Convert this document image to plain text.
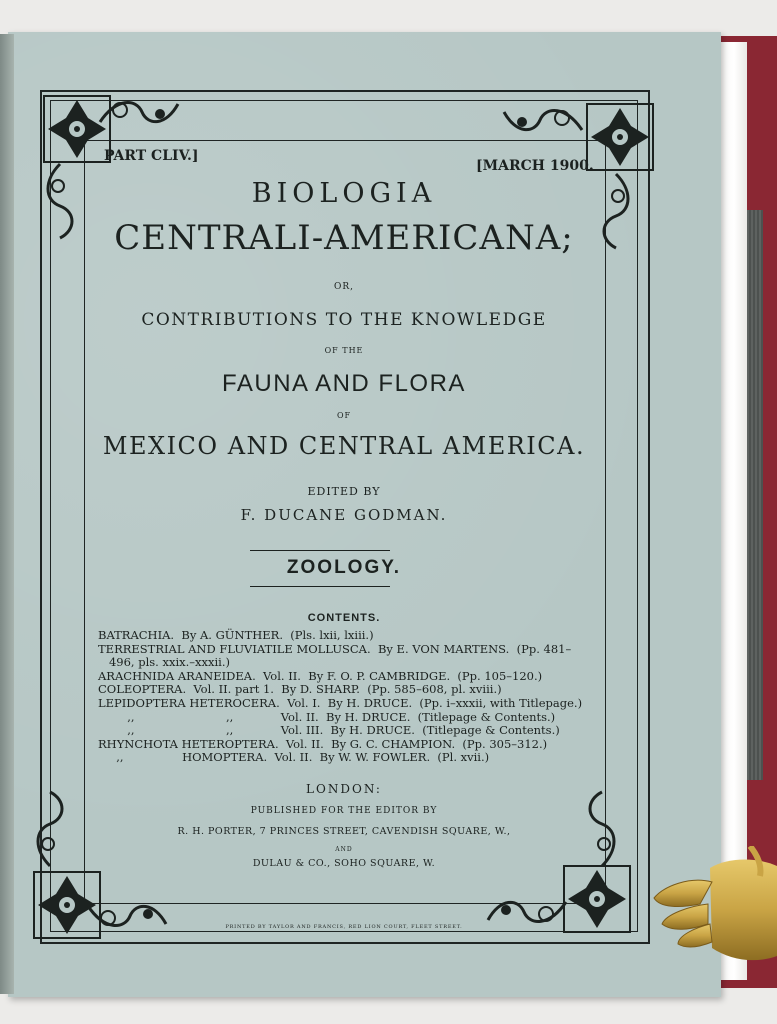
PART CLIV.]
[MARCH 1900.
BIOLOGIA
CENTRALI-AMERICANA;
OR,
CONTRIBUTIONS TO THE KNOWLEDGE
OF THE
FAUNA AND FLORA
OF
MEXICO AND CENTRAL AMERICA.
EDITED BY
F. DUCANE GODMAN.
ZOOLOGY.
CONTENTS.
BATRACHIA.  By A. GÜNTHER.  (Pls. lxii, lxiii.)
TERRESTRIAL AND FLUVIATILE MOLLUSCA.  By E. VON MARTENS.  (Pp. 481–
496, pls. xxix.–xxxii.)
ARACHNIDA ARANEIDEA.  Vol. II.  By F. O. P. CAMBRIDGE.  (Pp. 105–120.)
COLEOPTERA.  Vol. II. part 1.  By D. SHARP.  (Pp. 585–608, pl. xviii.)
LEPIDOPTERA HETEROCERA.  Vol. I.  By H. DRUCE.  (Pp. i–xxxii, with Titlepage.)
,,                         ,,             Vol. II.  By H. DRUCE.  (Titlepage & Contents.)
,,                         ,,             Vol. III.  By H. DRUCE.  (Titlepage & Contents.)
RHYNCHOTA HETEROPTERA.  Vol. II.  By G. C. CHAMPION.  (Pp. 305–312.)
,,                HOMOPTERA.  Vol. II.  By W. W. FOWLER.  (Pl. xvii.)
LONDON:
PUBLISHED FOR THE EDITOR BY
R. H. PORTER, 7 PRINCES STREET, CAVENDISH SQUARE, W.,
AND
DULAU & CO., SOHO SQUARE, W.
PRINTED BY TAYLOR AND FRANCIS, RED LION COURT, FLEET STREET.
